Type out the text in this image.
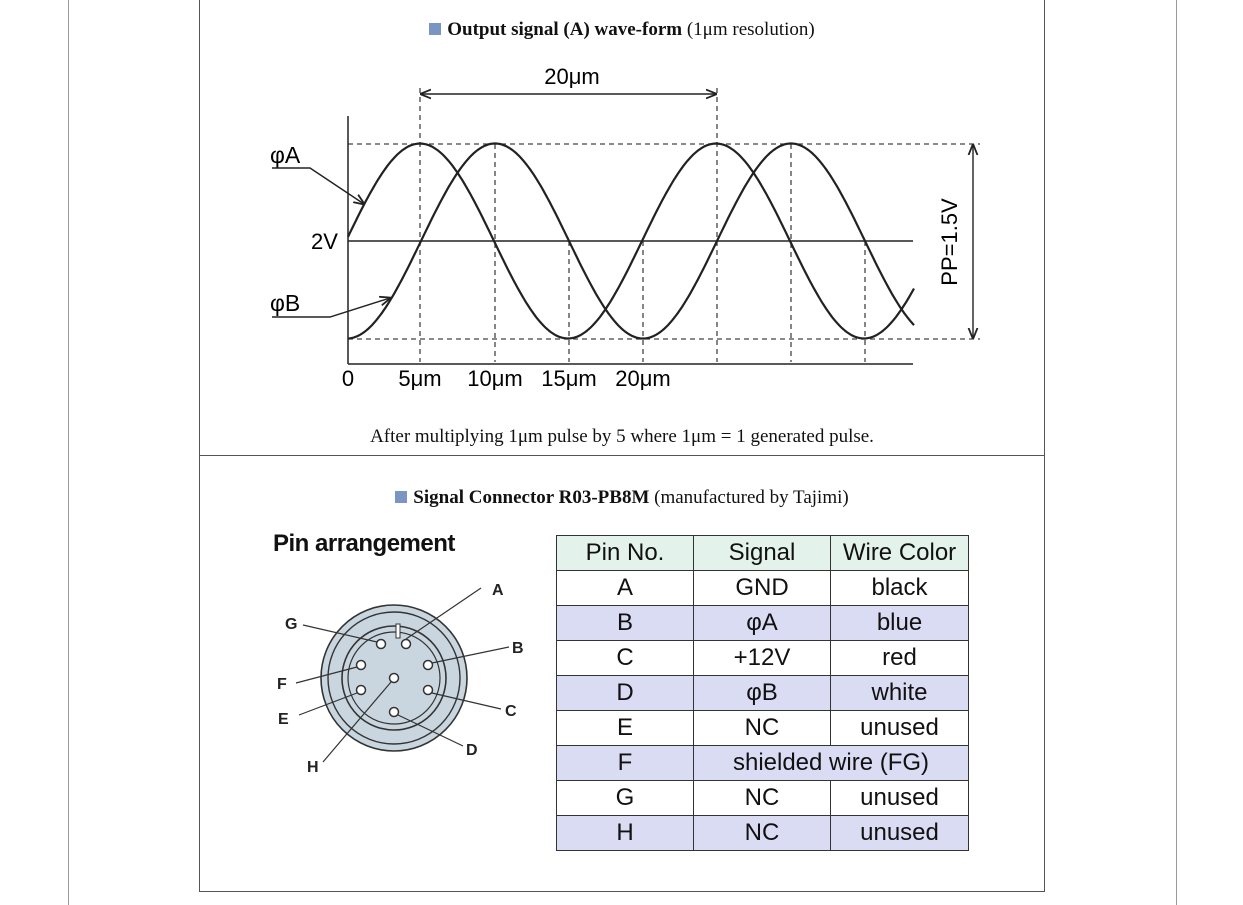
Output signal (A) wave-form (1μm resolution)
20μm
PP=1.5V
φA
φB
2V
0 5μm 10μm 15μm 20μm
After multiplying 1μm pulse by 5 where 1μm = 1 generated pulse.
Signal Connector R03-PB8M (manufactured by Tajimi)
Pin arrangement
A
B
C
D
E
F
G
H
Pin No.	Signal	Wire Color
A	GND	black
B	φA	blue
C	+12V	red
D	φB	white
E	NC	unused
F	shielded wire (FG)	
G	NC	unused
H	NC	unused
